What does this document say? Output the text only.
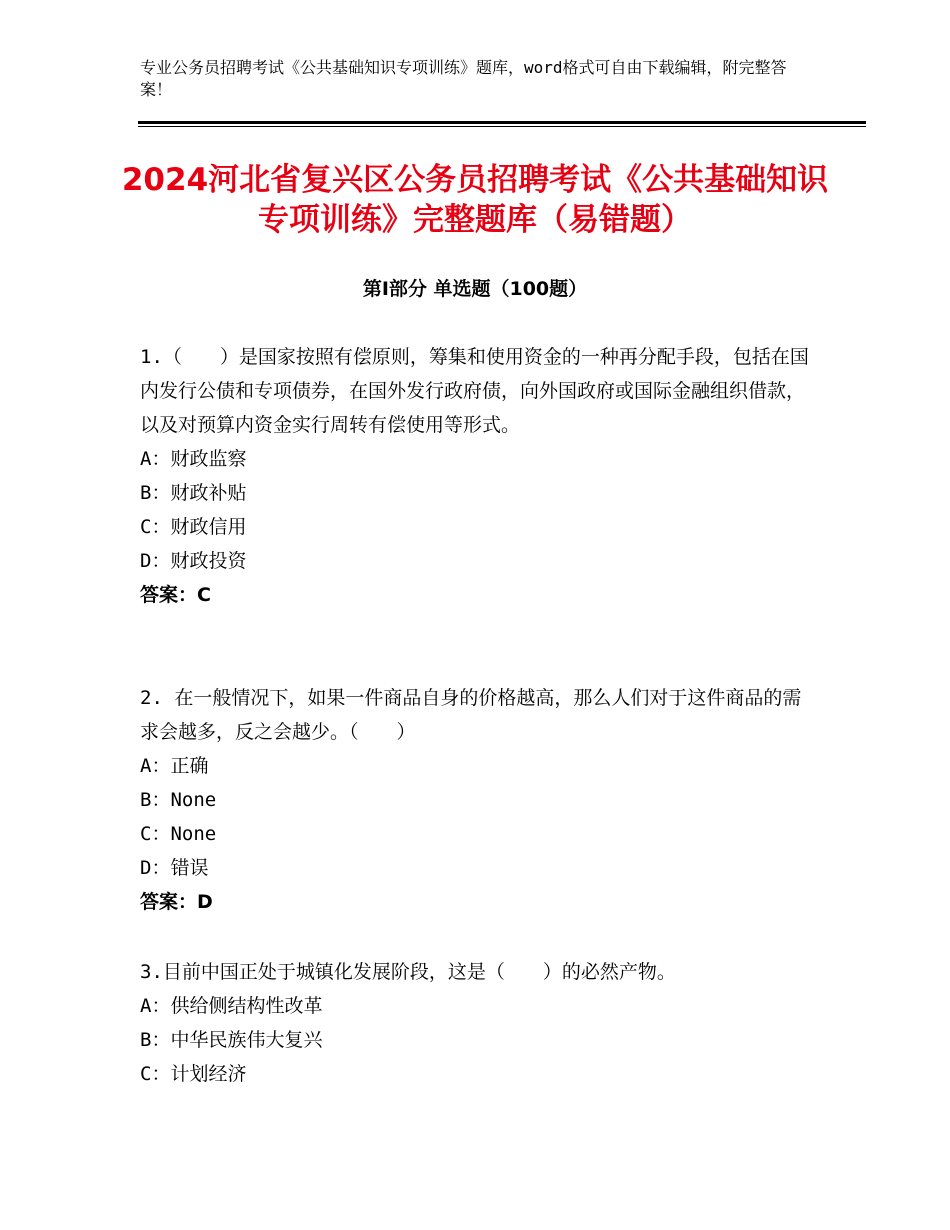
专业公务员招聘考试《公共基础知识专项训练》题库，word格式可自由下载编辑，附完整答案！
2024河北省复兴区公务员招聘考试《公共基础知识专项训练》完整题库（易错题）
第Ⅰ部分 单选题（100题）

1.（　　）是国家按照有偿原则，筹集和使用资金的一种再分配手段，包括在国内发行公债和专项债券，在国外发行政府债，向外国政府或国际金融组织借款，以及对预算内资金实行周转有偿使用等形式。

A：财政监察

B：财政补贴

C：财政信用

D：财政投资

答案：C

2. 在一般情况下，如果一件商品自身的价格越高，那么人们对于这件商品的需求会越多，反之会越少。（　　）

A：正确

B：None

C：None

D：错误

答案：D

3.目前中国正处于城镇化发展阶段，这是（　　）的必然产物。

A：供给侧结构性改革

B：中华民族伟大复兴

C：计划经济
